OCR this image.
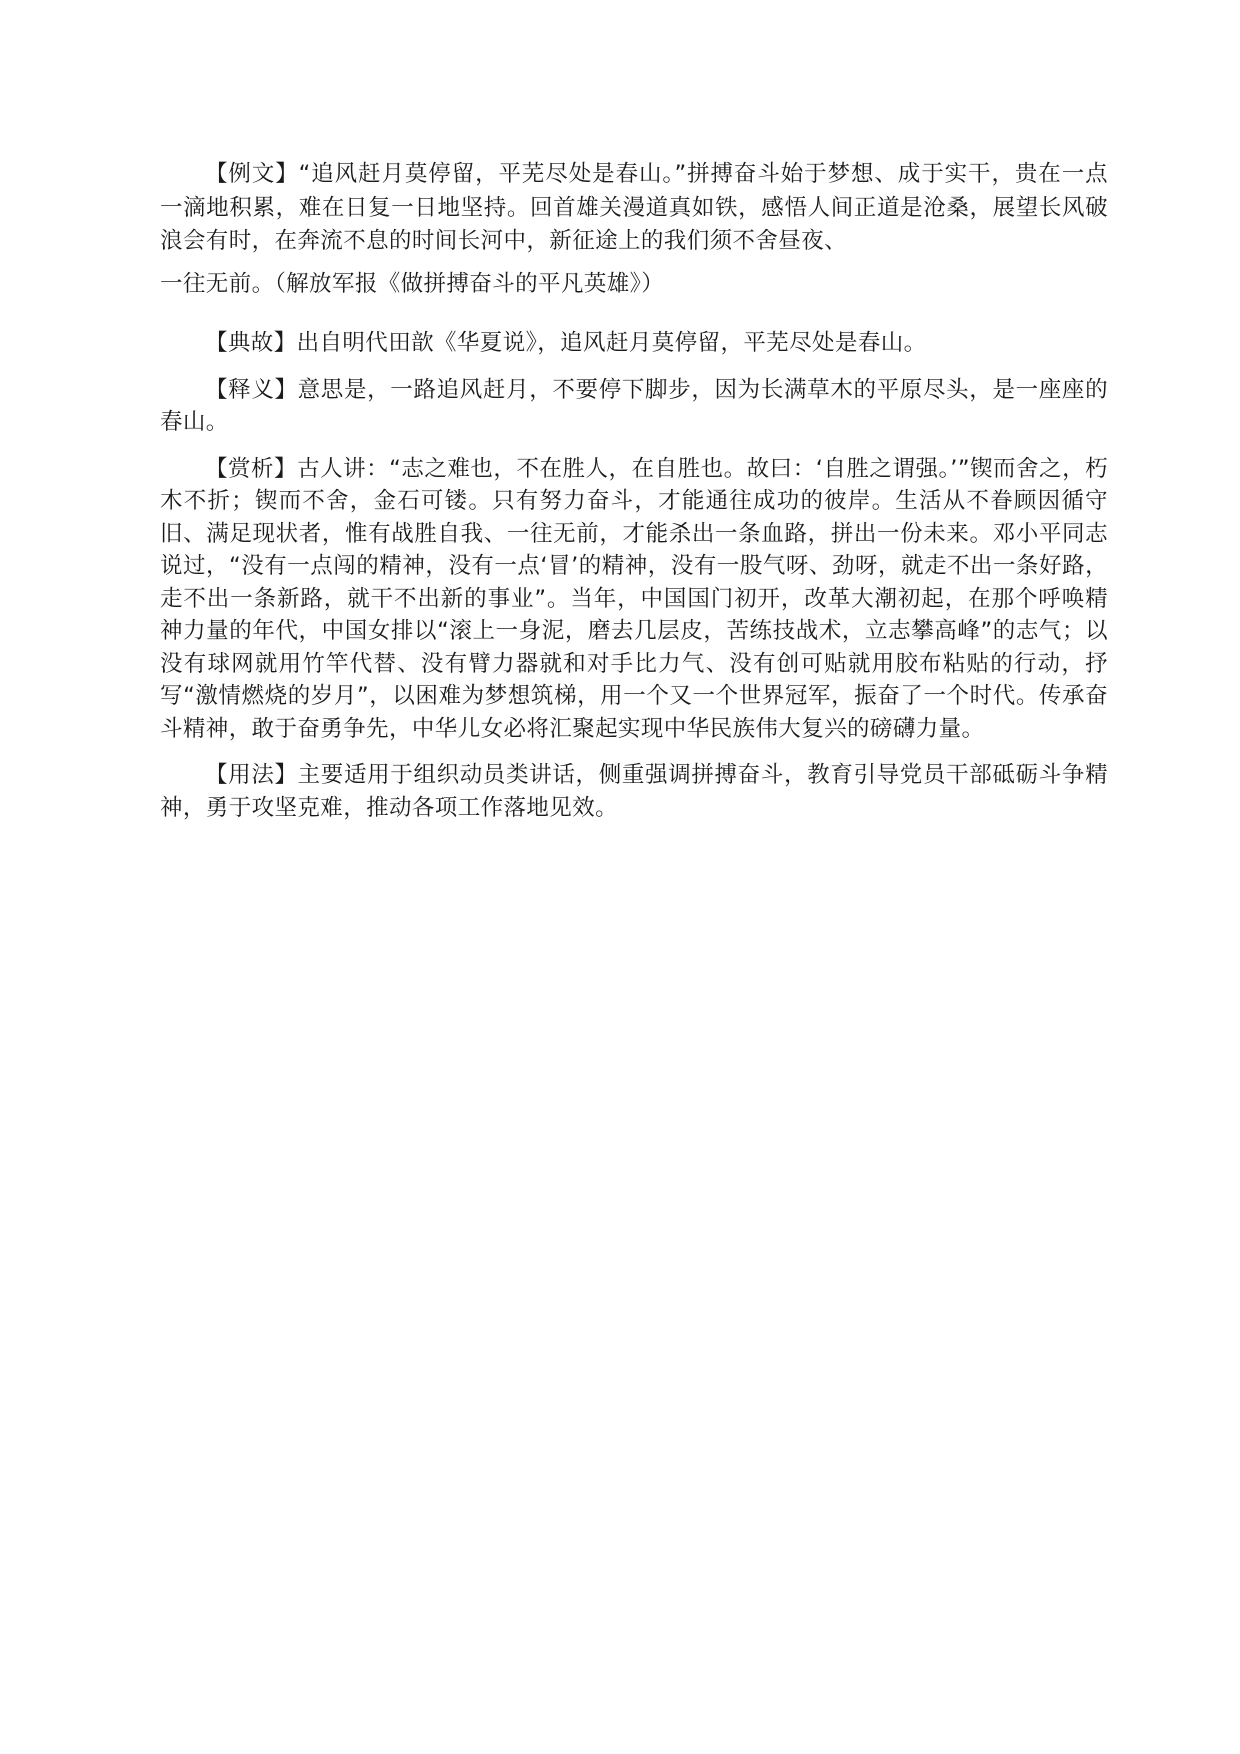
【例文】“追风赶月莫停留，平芜尽处是春山。”拼搏奋斗始于梦想、成于实干，贵在一点一滴地积累，难在日复一日地坚持。回首雄关漫道真如铁，感悟人间正道是沧桑，展望长风破浪会有时，在奔流不息的时间长河中，新征途上的我们须不舍昼夜、
一往无前。（解放军报《做拼搏奋斗的平凡英雄》）

【典故】出自明代田歆《华夏说》，追风赶月莫停留，平芜尽处是春山。

【释义】意思是，一路追风赶月，不要停下脚步，因为长满草木的平原尽头，是一座座的春山。

【赏析】古人讲：“志之难也，不在胜人，在自胜也。故曰：‘自胜之谓强。’”锲而舍之，朽木不折；锲而不舍，金石可镂。只有努力奋斗，才能通往成功的彼岸。生活从不眷顾因循守旧、满足现状者，惟有战胜自我、一往无前，才能杀出一条血路，拼出一份未来。邓小平同志说过，“没有一点闯的精神，没有一点‘冒’的精神，没有一股气呀、劲呀，就走不出一条好路，走不出一条新路，就干不出新的事业”。当年，中国国门初开，改革大潮初起，在那个呼唤精神力量的年代，中国女排以“滚上一身泥，磨去几层皮，苦练技战术，立志攀高峰”的志气；以没有球网就用竹竿代替、没有臂力器就和对手比力气、没有创可贴就用胶布粘贴的行动，抒写“激情燃烧的岁月”，以困难为梦想筑梯，用一个又一个世界冠军，振奋了一个时代。传承奋斗精神，敢于奋勇争先，中华儿女必将汇聚起实现中华民族伟大复兴的磅礴力量。

【用法】主要适用于组织动员类讲话，侧重强调拼搏奋斗，教育引导党员干部砥砺斗争精神，勇于攻坚克难，推动各项工作落地见效。
